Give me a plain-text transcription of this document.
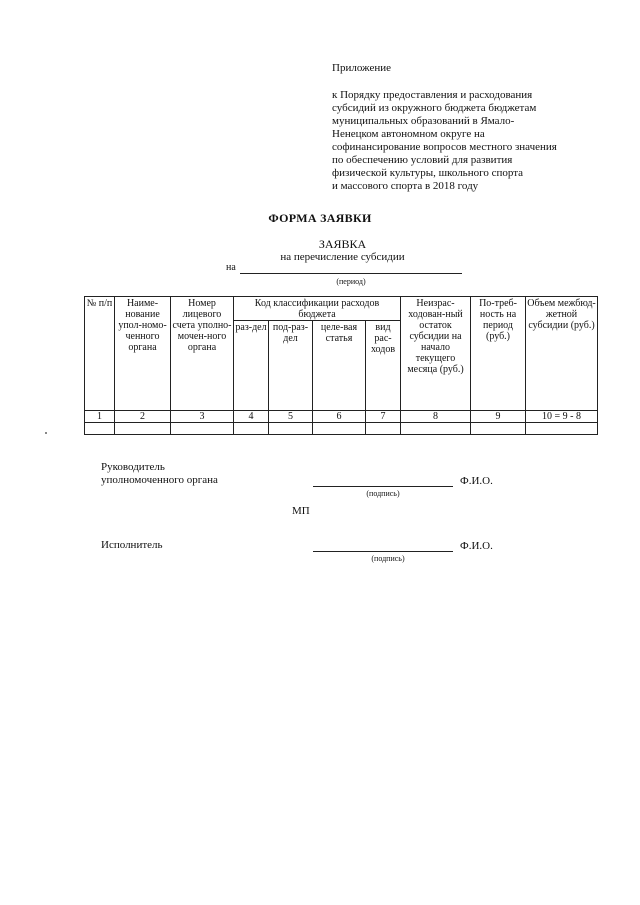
Приложение
к Порядку предоставления и расходования
субсидий из окружного бюджета бюджетам
муниципальных образований в Ямало-
Ненецком автономном округе на
софинансирование вопросов местного значения
по обеспечению условий для развития
физической культуры, школьного спорта
и массового спорта в 2018 году
ФОРМА ЗАЯВКИ
ЗАЯВКА
на перечисление субсидии
на
(период)
№ п/п	Наиме-нование упол-номо-ченного органа	Номер лицевого счета уполно-мочен-ного органа	Код классификации расходов бюджета				Неизрас-ходован-ный остаток субсидии на начало текущего месяца (руб.)	По-треб-ность на период (руб.)	Объем межбюд-жетной субсидии (руб.)
			раз-дел	под-раз-дел	целе-вая статья	вид рас-ходов			
1	2	3	4	5	6	7	8	9	10 = 9 - 8

Руководитель
уполномоченного органа
(подпись)
Ф.И.О.
МП
Исполнитель
(подпись)
Ф.И.О.
